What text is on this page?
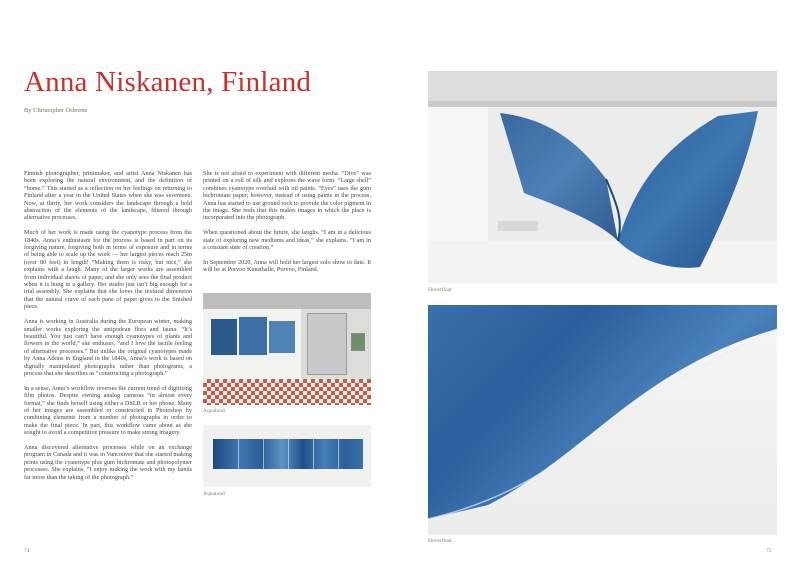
Anna Niskanen, Finland
By Christopher Osborne

Finnish photographer, printmaker, and artist Anna Niskanen has been exploring the natural environment, and the definition of “home.” This started as a reflection on her feelings on returning to Finland after a year in the United States when she was seventeen. Now, at thirty, her work considers the landscape through a bold abstraction of the elements of the landscape, filtered through alternative processes.

Much of her work is made using the cyanotype process from the 1840s. Anna’s enthusiasm for the process is based in part on its forgiving nature, forgiving both in terms of exposure and in terms of being able to scale up the work — her largest pieces reach 25m (over 80 feet) in length! “Making them is risky, but nice,” she explains with a laugh. Many of the larger works are assembled from individual sheets of paper, and she only sees the final product when it is hung in a gallery. Her studio just isn’t big enough for a trial assembly. She explains that she loves the textural dimension that the natural curve of each pane of paper gives to the finished piece.

Anna is working in Australia during the European winter, making smaller works exploring the antipodean flora and fauna. “It’s beautiful. You just can’t have enough cyanotypes of plants and flowers in the world,” she enthuses, “and I love the tactile feeling of alternative processes.” But unlike the original cyanotypes made by Anna Atkins in England in the 1840s, Anna’s work is based on digitally manipulated photographs rather than photograms, a process that she describes as “constructing a photograph.”

In a sense, Anna’s workflow reverses the current trend of digitizing film photos. Despite owning analog cameras “in almost every format,” she finds herself using either a DSLR or her phone. Many of her images are assembled or constructed in Photoshop by combining elements from a number of photographs in order to make the final piece. In part, this workflow came about as she sought to avoid a competitive pressure to make strong imagery.

Anna discovered alternative processes while on an exchange program in Canada and it was in Vancouver that she started making prints using the cyanotype plus gum bichromate and photopolymer processes. She explains, “I enjoy making the work with my hands far more than the taking of the photograph.”

She is not afraid to experiment with different media. “Dive” was printed on a roll of silk and explores the wave form. “Large shell” combines cyanotype overlaid with oil paints. “Eyes” uses the gum bichromate paper; however, instead of using paints in the process, Anna has started to use ground rock to provide the color pigment in the image. She feels that this makes images in which the place is incorporated into the photograph.

When questioned about the future, she laughs. “I am in a delicious state of exploring new mediums and ideas,” she explains. “I am in a constant state of creation.”

In September 2020, Anna will hold her largest solo show to date. It will be at Porvoo Kunsthalle, Porvoo, Finland.

Aqualoud
Aqualoud
74
Hoverfloat
Hoverfloat
75
